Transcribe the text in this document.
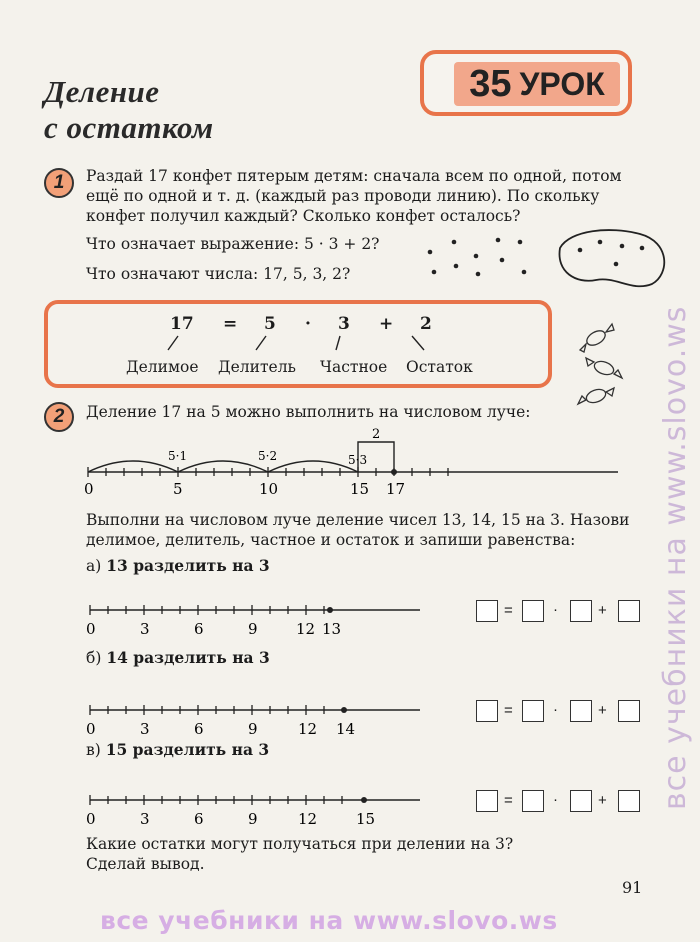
Деление
с остатком
35 УРОК
1 Раздай 17 конфет пятерым детям: сначала всем по одной, потом
ещё по одной и т. д. (каждый раз проводи линию). По скольку
конфет получил каждый? Сколько конфет осталось?
Что означает выражение: 5 · 3 + 2?
Что означают числа: 17, 5, 3, 2?
17 = 5 · 3 + 2
Делимое Делитель Частное Остаток
2 Деление 17 на 5 можно выполнить на числовом луче:
5·1	5·2	5·3
2
0	5	10	15 17
Выполни на числовом луче деление чисел 13, 14, 15 на 3. Назови
делимое, делитель, частное и остаток и запиши равенства:
а) 13 разделить на 3
0	3	6	9	12 13
=	·	+
б) 14 разделить на 3
0	3	6	9	12 14
=	·	+
в) 15 разделить на 3
0	3	6	9	12	15
=	·	+
Какие остатки могут получаться при делении на 3?
Сделай вывод.
91
все учебники на www.slovo.ws
все учебники на www.slovo.ws
